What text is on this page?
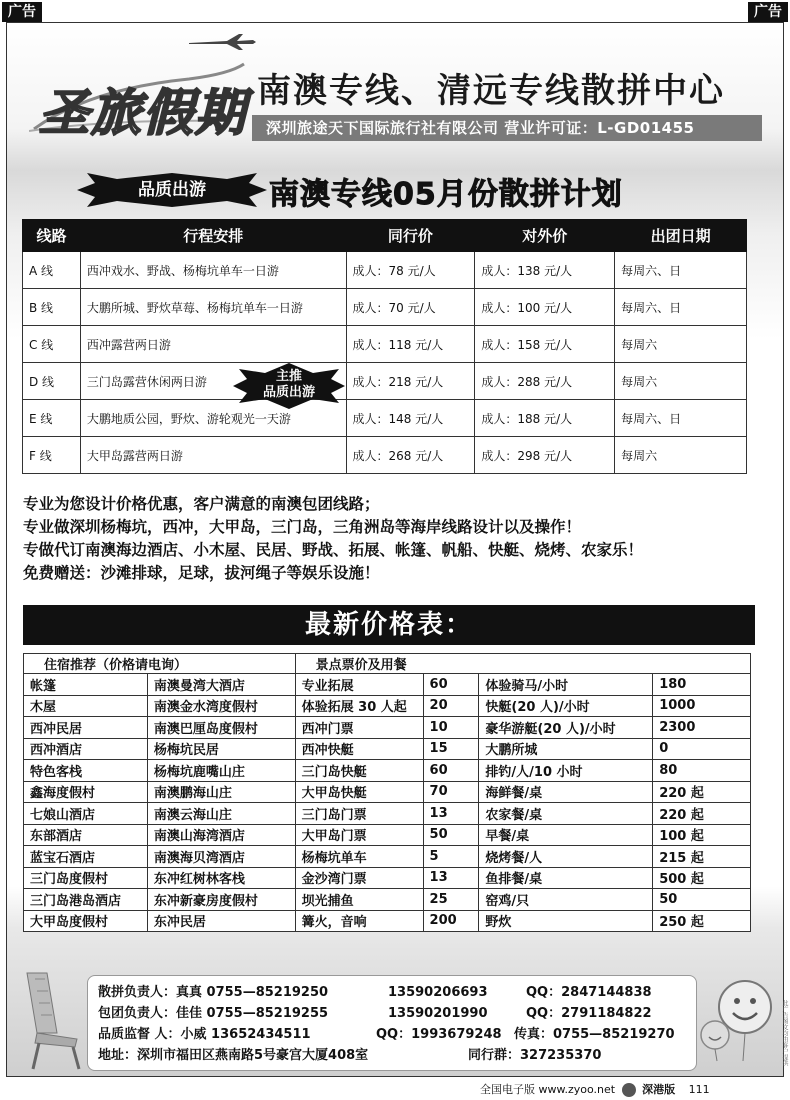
广告	广告
圣旅假期 南澳专线、清远专线散拼中心
深圳旅途天下国际旅行社有限公司 营业许可证：L-GD01455
品质出游	南澳专线05月份散拼计划
线路	行程安排	同行价	对外价	出团日期
A 线	西冲戏水、野战、杨梅坑单车一日游	成人：78 元/人	成人：138 元/人	每周六、日
B 线	大鹏所城、野炊草莓、杨梅坑单车一日游	成人：70 元/人	成人：100 元/人	每周六、日
C 线	西冲露营两日游	成人：118 元/人	成人：158 元/人	每周六
D 线	三门岛露营休闲两日游	成人：218 元/人	成人：288 元/人	每周六
E 线	大鹏地质公园，野炊、游轮观光一天游	成人：148 元/人	成人：188 元/人	每周六、日
F 线	大甲岛露营两日游	成人：268 元/人	成人：298 元/人	每周六
主推
品质出游
专业为您设计价格优惠，客户满意的南澳包团线路；
专业做深圳杨梅坑，西冲，大甲岛，三门岛，三角洲岛等海岸线路设计以及操作！
专做代订南澳海边酒店、小木屋、民居、野战、拓展、帐篷、帆船、快艇、烧烤、农家乐！
免费赠送：沙滩排球，足球，拔河绳子等娱乐设施！
最新价格表：
住宿推荐（价格请电询）		景点票价及用餐			
帐篷	南澳曼湾大酒店	专业拓展	60	体验骑马/小时	180
木屋	南澳金水湾度假村	体验拓展 30 人起	20	快艇(20 人)/小时	1000
西冲民居	南澳巴厘岛度假村	西冲门票	10	豪华游艇(20 人)/小时	2300
西冲酒店	杨梅坑民居	西冲快艇	15	大鹏所城	0
特色客栈	杨梅坑鹿嘴山庄	三门岛快艇	60	排钓/人/10 小时	80
鑫海度假村	南澳鹏海山庄	大甲岛快艇	70	海鲜餐/桌	220 起
七娘山酒店	南澳云海山庄	三门岛门票	13	农家餐/桌	220 起
东部酒店	南澳山海湾酒店	大甲岛门票	50	早餐/桌	100 起
蓝宝石酒店	南澳海贝湾酒店	杨梅坑单车	5	烧烤餐/人	215 起
三门岛度假村	东冲红树林客栈	金沙湾门票	13	鱼排餐/桌	500 起
三门岛港岛酒店	东冲新豪房度假村	坝光捕鱼	25	窑鸡/只	50
大甲岛度假村	东冲民居	篝火，音响	200	野炊	250 起
散拼负责人：真真 0755—85219250	13590206693	QQ：2847144838
包团负责人：佳佳 0755—85219255	13590201990	QQ：2791184822
品质监督 人：小威 13652434511	QQ：1993679248 传真：0755—85219270
地址：深圳市福田区燕南路5号豪宫大厦408室	同行群：327235370
全国电子版 www.zyoo.net 深港版 111
此广告图文均由客户提供
